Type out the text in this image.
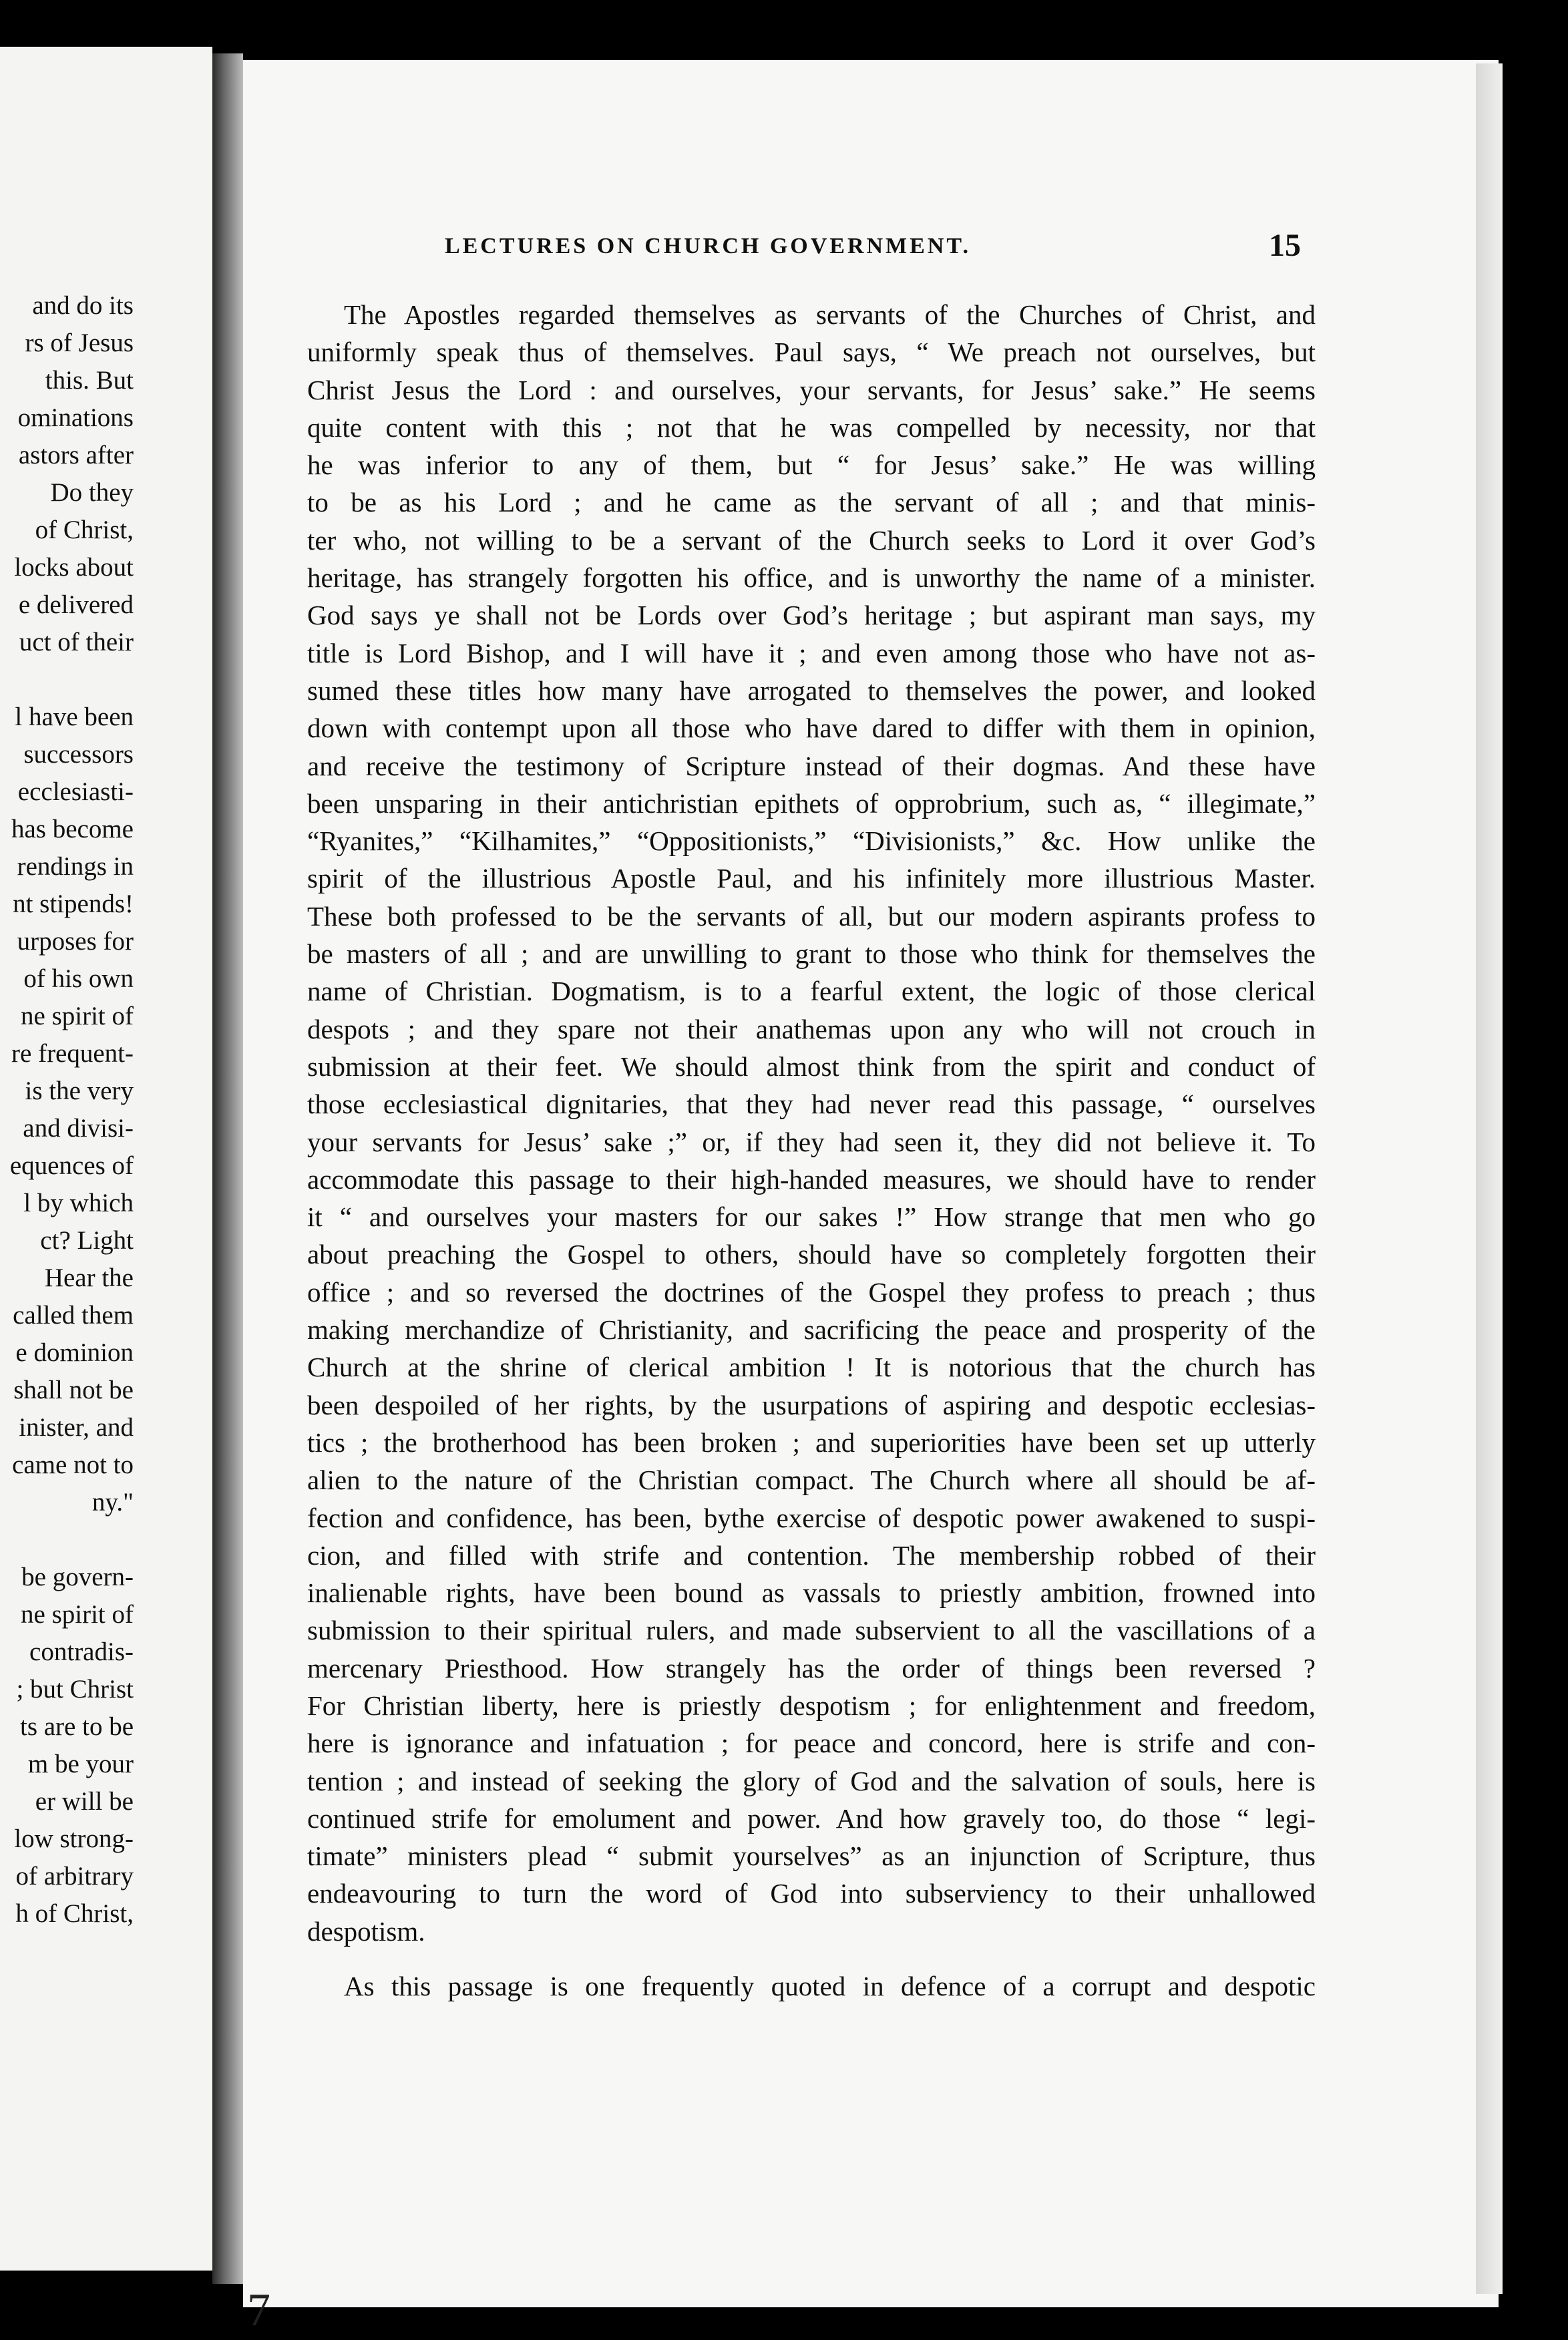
and do its
rs of Jesus
this. But
ominations
astors after
Do they
of Christ,
locks about
e delivered
uct of their
l have been
successors
ecclesiasti-
has become
rendings in
nt stipends!
urposes for
of his own
ne spirit of
re frequent-
is the very
and divisi-
equences of
l by which
ct? Light
Hear the
called them
e dominion
shall not be
inister, and
came not to
ny."
be govern-
ne spirit of
contradis-
; but Christ
ts are to be
m be your
er will be
low strong-
of arbitrary
h of Christ,
LECTURES ON CHURCH GOVERNMENT.	15
The Apostles regarded themselves as servants of the Churches of Christ, and
uniformly speak thus of themselves. Paul says, “ We preach not ourselves, but
Christ Jesus the Lord : and ourselves, your servants, for Jesus’ sake.” He seems
quite content with this ; not that he was compelled by necessity, nor that
he was inferior to any of them, but “ for Jesus’ sake.” He was willing
to be as his Lord ; and he came as the servant of all ; and that minis-
ter who, not willing to be a servant of the Church seeks to Lord it over God’s
heritage, has strangely forgotten his office, and is unworthy the name of a minister.
God says ye shall not be Lords over God’s heritage ; but aspirant man says, my
title is Lord Bishop, and I will have it ; and even among those who have not as-
sumed these titles how many have arrogated to themselves the power, and looked
down with contempt upon all those who have dared to differ with them in opinion,
and receive the testimony of Scripture instead of their dogmas. And these have
been unsparing in their antichristian epithets of opprobrium, such as, “ illegimate,”
“Ryanites,” “Kilhamites,” “Oppositionists,” “Divisionists,” &c. How unlike the
spirit of the illustrious Apostle Paul, and his infinitely more illustrious Master.
These both professed to be the servants of all, but our modern aspirants profess to
be masters of all ; and are unwilling to grant to those who think for themselves the
name of Christian. Dogmatism, is to a fearful extent, the logic of those clerical
despots ; and they spare not their anathemas upon any who will not crouch in
submission at their feet. We should almost think from the spirit and conduct of
those ecclesiastical dignitaries, that they had never read this passage, “ ourselves
your servants for Jesus’ sake ;” or, if they had seen it, they did not believe it. To
accommodate this passage to their high-handed measures, we should have to render
it “ and ourselves your masters for our sakes !” How strange that men who go
about preaching the Gospel to others, should have so completely forgotten their
office ; and so reversed the doctrines of the Gospel they profess to preach ; thus
making merchandize of Christianity, and sacrificing the peace and prosperity of the
Church at the shrine of clerical ambition ! It is notorious that the church has
been despoiled of her rights, by the usurpations of aspiring and despotic ecclesias-
tics ; the brotherhood has been broken ; and superiorities have been set up utterly
alien to the nature of the Christian compact. The Church where all should be af-
fection and confidence, has been, bythe exercise of despotic power awakened to suspi-
cion, and filled with strife and contention. The membership robbed of their
inalienable rights, have been bound as vassals to priestly ambition, frowned into
submission to their spiritual rulers, and made subservient to all the vascillations of a
mercenary Priesthood. How strangely has the order of things been reversed ?
For Christian liberty, here is priestly despotism ; for enlightenment and freedom,
here is ignorance and infatuation ; for peace and concord, here is strife and con-
tention ; and instead of seeking the glory of God and the salvation of souls, here is
continued strife for emolument and power. And how gravely too, do those “ legi-
timate” ministers plead “ submit yourselves” as an injunction of Scripture, thus
endeavouring to turn the word of God into subserviency to their unhallowed
despotism.
As this passage is one frequently quoted in defence of a corrupt and despotic
7
